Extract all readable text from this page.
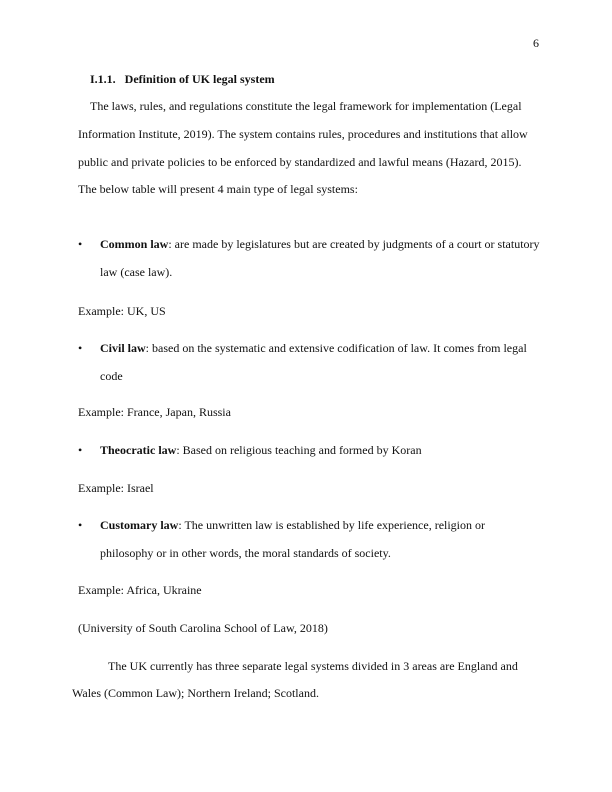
6
I.1.1. Definition of UK legal system
The laws, rules, and regulations constitute the legal framework for implementation (Legal
Information Institute, 2019). The system contains rules, procedures and institutions that allow
public and private policies to be enforced by standardized and lawful means (Hazard, 2015).
The below table will present 4 main type of legal systems:
• Common law: are made by legislatures but are created by judgments of a court or statutory
law (case law).
Example: UK, US
• Civil law: based on the systematic and extensive codification of law. It comes from legal
code
Example: France, Japan, Russia
• Theocratic law: Based on religious teaching and formed by Koran
Example: Israel
• Customary law: The unwritten law is established by life experience, religion or
philosophy or in other words, the moral standards of society.
Example: Africa, Ukraine
(University of South Carolina School of Law, 2018)
The UK currently has three separate legal systems divided in 3 areas are England and
Wales (Common Law); Northern Ireland; Scotland.
